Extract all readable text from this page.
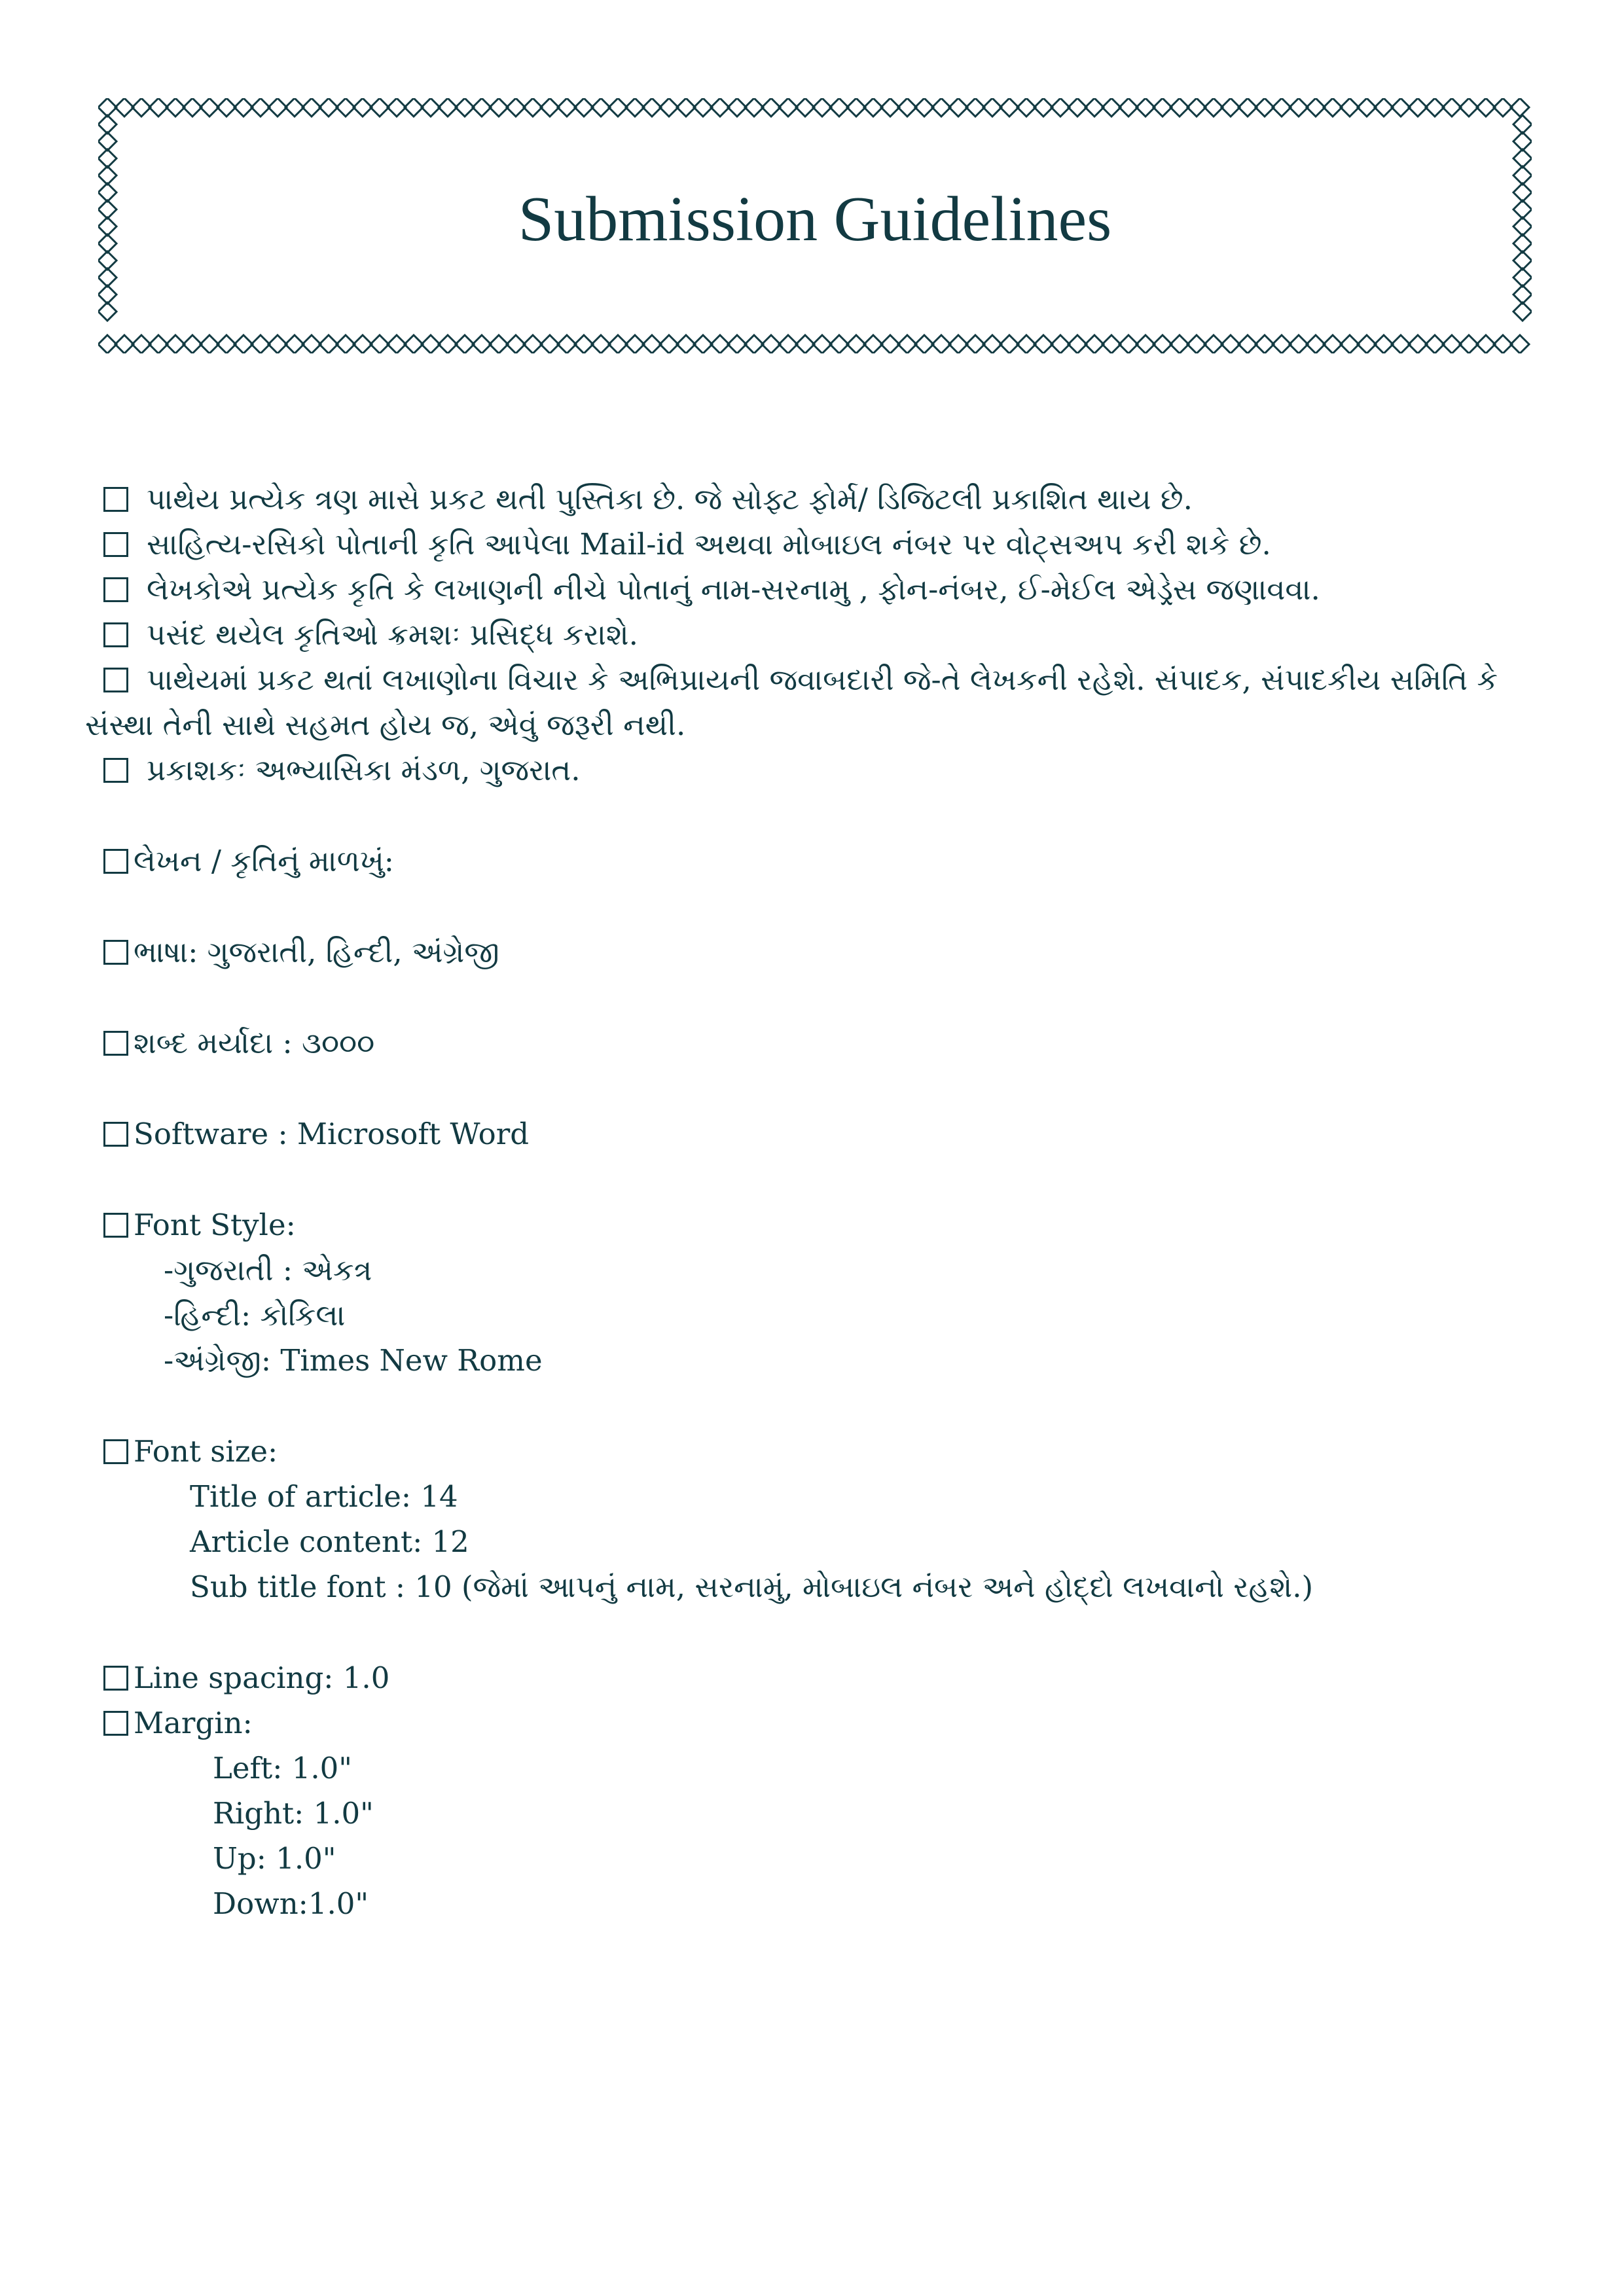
Submission Guidelines
પાથેય પ્રત્યેક ત્રણ માસે પ્રકટ થતી પુસ્તિકા છે. જે સોફ્ટ ફોર્મ/ ડિજિટલી પ્રકાશિત થાય છે.
સાહિત્ય-રસિકો પોતાની કૃતિ આપેલા Mail-id અથવા મોબાઇલ નંબર પર વોટ્સઅપ કરી શકે છે.
લેખકોએ પ્રત્યેક કૃતિ કે લખાણની નીચે પોતાનું નામ-સરનામુ , ફોન-નંબર, ઈ-મેઈલ એડ્રેસ જણાવવા.
પસંદ થયેલ કૃતિઓ ક્રમશઃ પ્રસિદ્ધ કરાશે.
પાથેયમાં પ્રકટ થતાં લખાણોના વિચાર કે અભિપ્રાયની જવાબદારી જે-તે લેખકની રહેશે. સંપાદક, સંપાદકીય સમિતિ કે
સંસ્થા તેની સાથે સહમત હોય જ, એવું જરૂરી નથી.
પ્રકાશકઃ અભ્યાસિકા મંડળ, ગુજરાત.
લેખન / કૃતિનું માળખું:
ભાષા: ગુજરાતી, હિન્દી, અંગ્રેજી
શબ્દ મર્યાદા : ૩૦૦૦
Software : Microsoft Word
Font Style:
-ગુજરાતી : એકત્ર
-હિન્દી: કોકિલા
-અંગ્રેજી: Times New Rome
Font size:
Title of article: 14
Article content: 12
Sub title font : 10 (જેમાં આપનું નામ, સરનામું, મોબાઇલ નંબર અને હોદ્દો લખવાનો રહશે.)
Line spacing: 1.0
Margin:
Left: 1.0"
Right: 1.0"
Up: 1.0"
Down:1.0"
